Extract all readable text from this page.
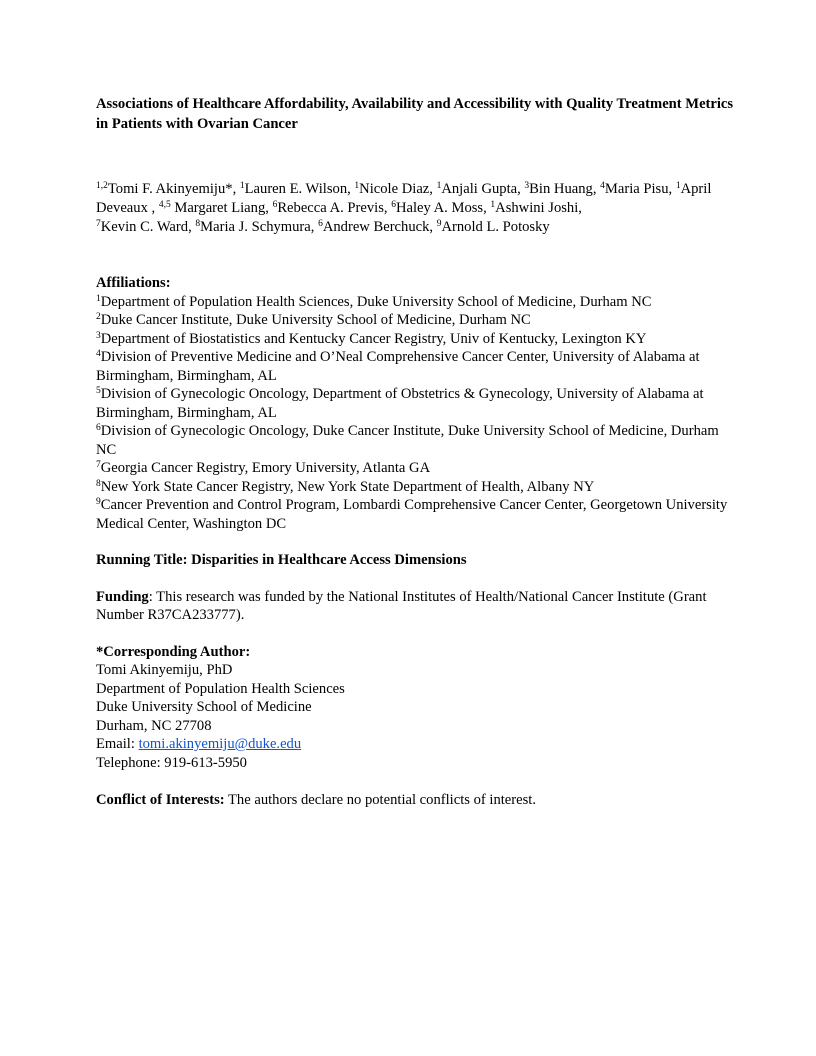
Associations of Healthcare Affordability, Availability and Accessibility with Quality Treatment Metrics in Patients with Ovarian Cancer

$^{1,2}$Tomi F. Akinyemiju*, $^1$Lauren E. Wilson, $^1$Nicole Diaz, $^1$Anjali Gupta, $^3$Bin Huang, $^4$Maria Pisu, $^1$April Deveaux , $^{4,5}$ Margaret Liang, $^6$Rebecca A. Previs, $^6$Haley A. Moss, $^1$Ashwini Joshi,
$^7$Kevin C. Ward, $^8$Maria J. Schymura, $^6$Andrew Berchuck, $^9$Arnold L. Potosky
Affiliations:

$^1$Department of Population Health Sciences, Duke University School of Medicine, Durham NC

$^2$Duke Cancer Institute, Duke University School of Medicine, Durham NC

$^3$Department of Biostatistics and Kentucky Cancer Registry, Univ of Kentucky, Lexington KY

$^4$Division of Preventive Medicine and O’Neal Comprehensive Cancer Center, University of Alabama at Birmingham, Birmingham, AL

$^5$Division of Gynecologic Oncology, Department of Obstetrics & Gynecology, University of Alabama at Birmingham, Birmingham, AL

$^6$Division of Gynecologic Oncology, Duke Cancer Institute, Duke University School of Medicine, Durham NC

$^7$Georgia Cancer Registry, Emory University, Atlanta GA

$^8$New York State Cancer Registry, New York State Department of Health, Albany NY

$^9$Cancer Prevention and Control Program, Lombardi Comprehensive Cancer Center, Georgetown University Medical Center, Washington DC

Running Title: Disparities in Healthcare Access Dimensions
Funding: This research was funded by the National Institutes of Health/National Cancer Institute (Grant Number R37CA233777).

*Corresponding Author:

Tomi Akinyemiju, PhD

Department of Population Health Sciences

Duke University School of Medicine

Durham, NC 27708

Email: tomi.akinyemiju@duke.edu

Telephone: 919-613-5950

Conflict of Interests: The authors declare no potential conflicts of interest.
